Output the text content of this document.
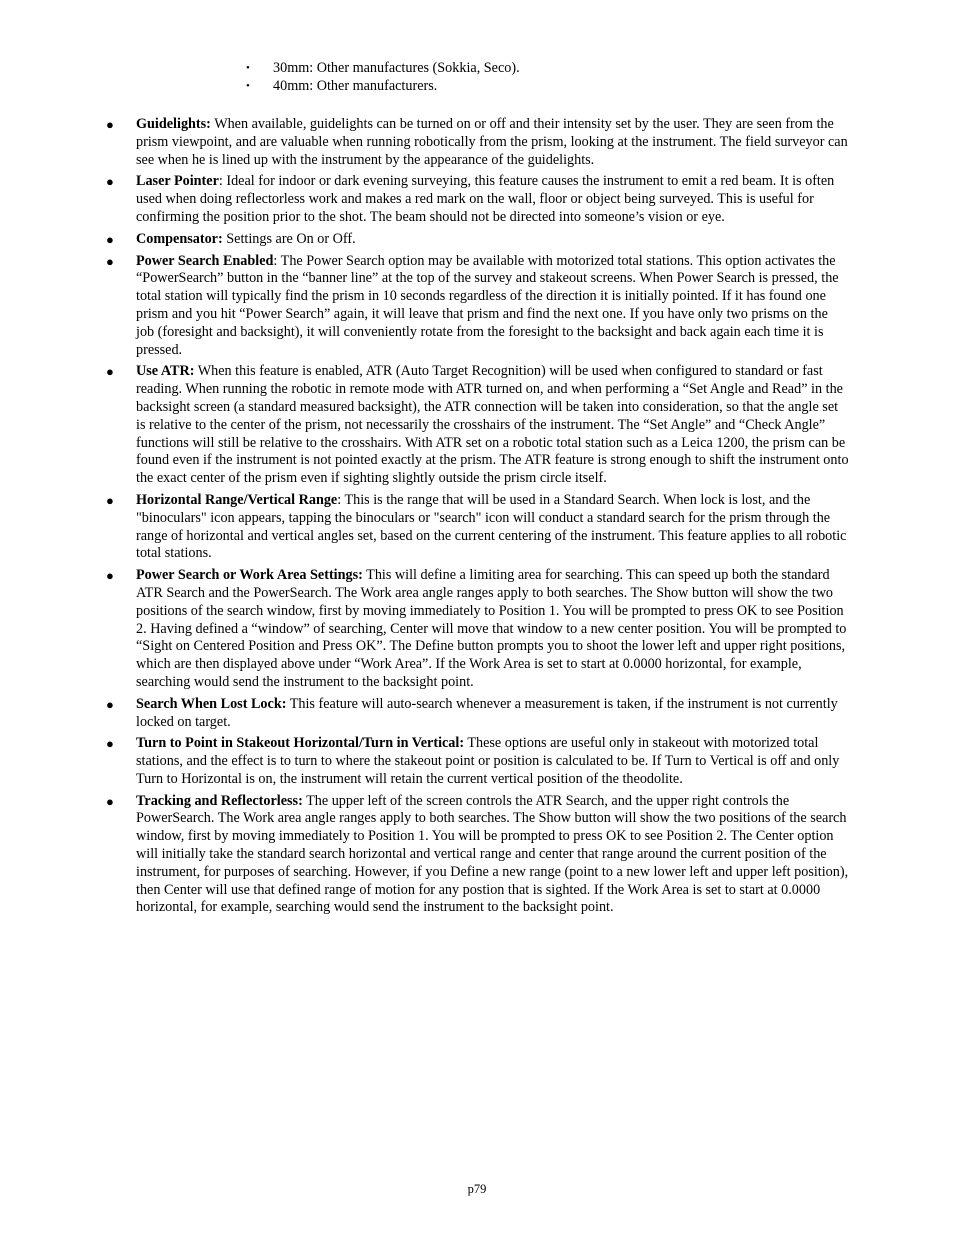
• 30mm: Other manufactures (Sokkia, Seco).
• 40mm: Other manufacturers.
● Guidelights: When available, guidelights can be turned on or off and their intensity set by the user. They are seen from the prism viewpoint, and are valuable when running robotically from the prism, looking at the instrument. The field surveyor can see when he is lined up with the instrument by the appearance of the guidelights.
● Laser Pointer: Ideal for indoor or dark evening surveying, this feature causes the instrument to emit a red beam. It is often used when doing reflectorless work and makes a red mark on the wall, floor or object being surveyed. This is useful for confirming the position prior to the shot. The beam should not be directed into someone’s vision or eye.
● Compensator: Settings are On or Off.
● Power Search Enabled: The Power Search option may be available with motorized total stations. This option activates the “PowerSearch” button in the “banner line” at the top of the survey and stakeout screens. When Power Search is pressed, the total station will typically find the prism in 10 seconds regardless of the direction it is initially pointed. If it has found one prism and you hit “Power Search” again, it will leave that prism and find the next one. If you have only two prisms on the job (foresight and backsight), it will conveniently rotate from the foresight to the backsight and back again each time it is pressed.
● Use ATR: When this feature is enabled, ATR (Auto Target Recognition) will be used when configured to standard or fast reading. When running the robotic in remote mode with ATR turned on, and when performing a “Set Angle and Read” in the backsight screen (a standard measured backsight), the ATR connection will be taken into consideration, so that the angle set is relative to the center of the prism, not necessarily the crosshairs of the instrument. The “Set Angle” and “Check Angle” functions will still be relative to the crosshairs. With ATR set on a robotic total station such as a Leica 1200, the prism can be found even if the instrument is not pointed exactly at the prism. The ATR feature is strong enough to shift the instrument onto the exact center of the prism even if sighting slightly outside the prism circle itself.
● Horizontal Range/Vertical Range: This is the range that will be used in a Standard Search. When lock is lost, and the "binoculars" icon appears, tapping the binoculars or "search" icon will conduct a standard search for the prism through the range of horizontal and vertical angles set, based on the current centering of the instrument. This feature applies to all robotic total stations.
● Power Search or Work Area Settings: This will define a limiting area for searching. This can speed up both the standard ATR Search and the PowerSearch. The Work area angle ranges apply to both searches. The Show button will show the two positions of the search window, first by moving immediately to Position 1. You will be prompted to press OK to see Position 2. Having defined a “window” of searching, Center will move that window to a new center position. You will be prompted to “Sight on Centered Position and Press OK”. The Define button prompts you to shoot the lower left and upper right positions, which are then displayed above under “Work Area”. If the Work Area is set to start at 0.0000 horizontal, for example, searching would send the instrument to the backsight point.
● Search When Lost Lock: This feature will auto-search whenever a measurement is taken, if the instrument is not currently locked on target.
● Turn to Point in Stakeout Horizontal/Turn in Vertical: These options are useful only in stakeout with motorized total stations, and the effect is to turn to where the stakeout point or position is calculated to be. If Turn to Vertical is off and only Turn to Horizontal is on, the instrument will retain the current vertical position of the theodolite.
● Tracking and Reflectorless: The upper left of the screen controls the ATR Search, and the upper right controls the PowerSearch. The Work area angle ranges apply to both searches. The Show button will show the two positions of the search window, first by moving immediately to Position 1. You will be prompted to press OK to see Position 2. The Center option will initially take the standard search horizontal and vertical range and center that range around the current position of the instrument, for purposes of searching. However, if you Define a new range (point to a new lower left and upper left position), then Center will use that defined range of motion for any postion that is sighted. If the Work Area is set to start at 0.0000 horizontal, for example, searching would send the instrument to the backsight point.
p79
